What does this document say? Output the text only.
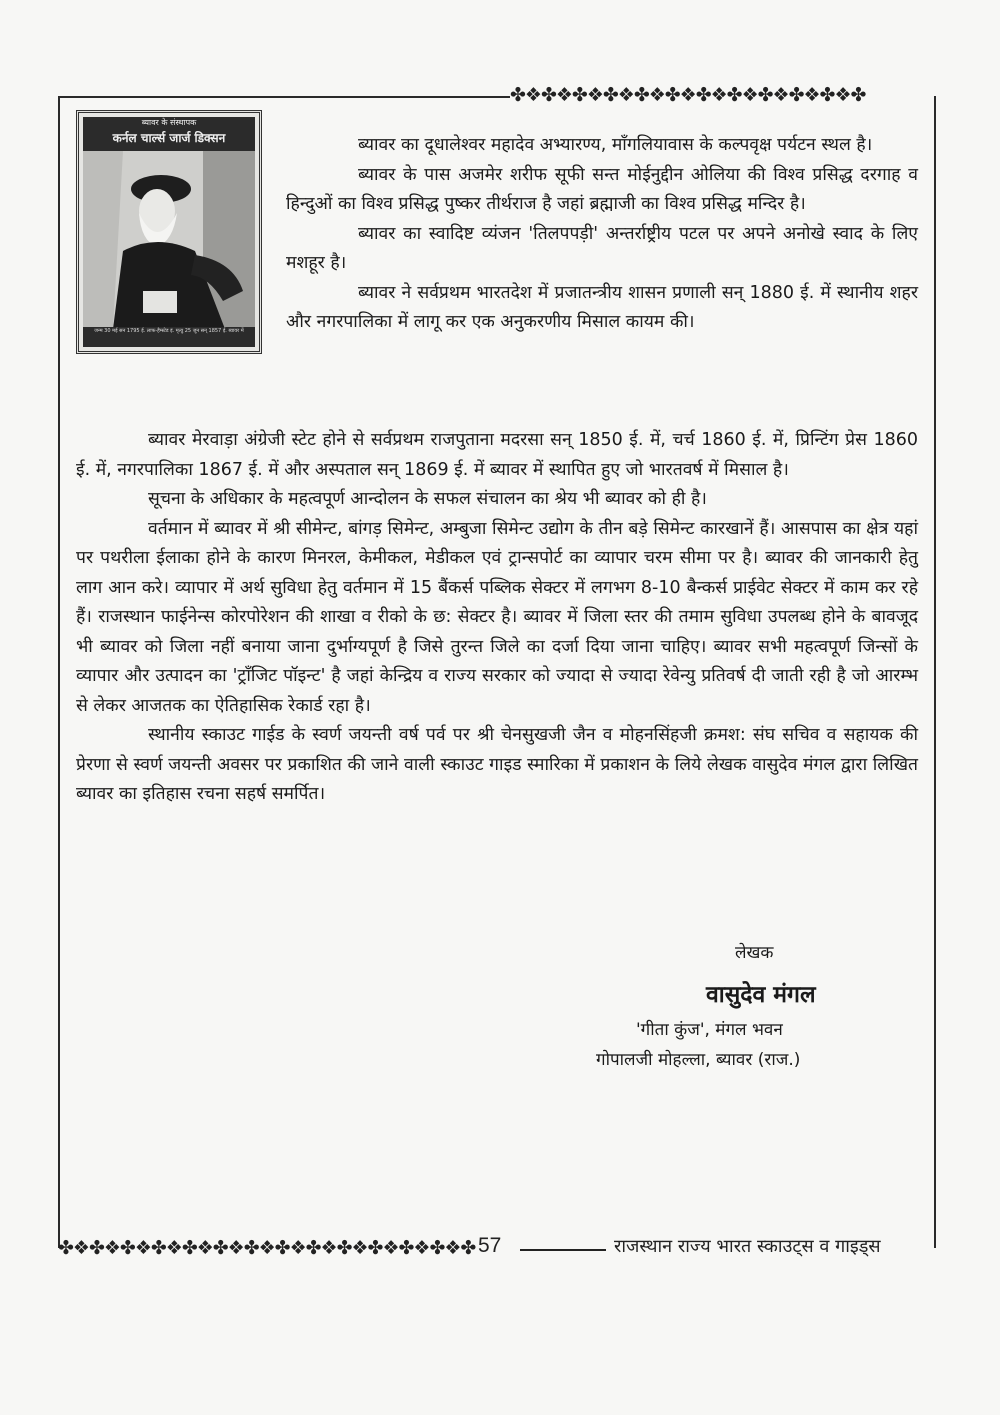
✤❖✤❖✤❖✤❖✤❖✤❖✤❖✤❖✤❖✤❖✤❖✤
ब्यावर के संस्थापक
कर्नल चार्ल्स जार्ज डिक्सन
जन्म 30 मई सन 1795 ई. लाफ-हैम्‍स्टेड इं. मृत्यु 25 जून सन् 1857 ई. ब्यावर में

ब्यावर का दूधालेश्वर महादेव अभ्यारण्य, माँगलियावास के कल्पवृक्ष पर्यटन स्थल है।

ब्यावर के पास अजमेर शरीफ सूफी सन्त मोईनुद्दीन ओलिया की विश्व प्रसिद्ध दरगाह व हिन्दुओं का विश्व प्रसिद्ध पुष्कर तीर्थराज है जहां ब्रह्माजी का विश्व प्रसिद्ध मन्दिर है।

ब्यावर का स्वादिष्ट व्यंजन 'तिलपपड़ी' अन्तर्राष्ट्रीय पटल पर अपने अनोखे स्वाद के लिए मशहूर है।

ब्यावर ने सर्वप्रथम भारतदेश में प्रजातन्त्रीय शासन प्रणाली सन् 1880 ई. में स्थानीय शहर और नगरपालिका में लागू कर एक अनुकरणीय मिसाल कायम की।

ब्यावर मेरवाड़ा अंग्रेजी स्टेट होने से सर्वप्रथम राजपुताना मदरसा सन् 1850 ई. में, चर्च 1860 ई. में, प्रिन्टिंग प्रेस 1860 ई. में, नगरपालिका 1867 ई. में और अस्पताल सन् 1869 ई. में ब्यावर में स्थापित हुए जो भारतवर्ष में मिसाल है।

सूचना के अधिकार के महत्वपूर्ण आन्दोलन के सफल संचालन का श्रेय भी ब्यावर को ही है।

वर्तमान में ब्यावर में श्री सीमेन्ट, बांगड़ सिमेन्ट, अम्बुजा सिमेन्ट उद्योग के तीन बड़े सिमेन्ट कारखानें हैं। आसपास का क्षेत्र यहां पर पथरीला ईलाका होने के कारण मिनरल, केमीकल, मेडीकल एवं ट्रान्सपोर्ट का व्यापार चरम सीमा पर है। ब्यावर की जानकारी हेतु लाग आन करे। व्यापार में अर्थ सुविधा हेतु वर्तमान में 15 बैंकर्स पब्लिक सेक्टर में लगभग 8-10 बैन्कर्स प्राईवेट सेक्टर में काम कर रहे हैं। राजस्थान फाईनेन्स कोरपोरेशन की शाखा व रीको के छ: सेक्टर है। ब्यावर में जिला स्तर की तमाम सुविधा उपलब्ध होने के बावजूद भी ब्यावर को जिला नहीं बनाया जाना दुर्भाग्यपूर्ण है जिसे तुरन्त जिले का दर्जा दिया जाना चाहिए। ब्यावर सभी महत्वपूर्ण जिन्सों के व्यापार और उत्पादन का 'ट्राँजिट पॉइन्ट' है जहां केन्द्रिय व राज्य सरकार को ज्यादा से ज्यादा रेवेन्यु प्रतिवर्ष दी जाती रही है जो आरम्भ से लेकर आजतक का ऐतिहासिक रेकार्ड रहा है।

स्थानीय स्काउट गाईड के स्वर्ण जयन्ती वर्ष पर्व पर श्री चेनसुखजी जैन व मोहनसिंहजी क्रमश: संघ सचिव व सहायक की प्रेरणा से स्वर्ण जयन्ती अवसर पर प्रकाशित की जाने वाली स्काउट गाइड स्मारिका में प्रकाशन के लिये लेखक वासुदेव मंगल द्वारा लिखित ब्यावर का इतिहास रचना सहर्ष समर्पित।

लेखक
वासुदेव मंगल
'गीता कुंज', मंगल भवन
गोपालजी मोहल्ला, ब्यावर (राज.)
✤❖✤❖✤❖✤❖✤❖✤❖✤❖✤❖✤❖✤❖✤❖✤❖✤❖✤ 57	राजस्थान राज्य भारत स्काउट्स व गाइड्स
